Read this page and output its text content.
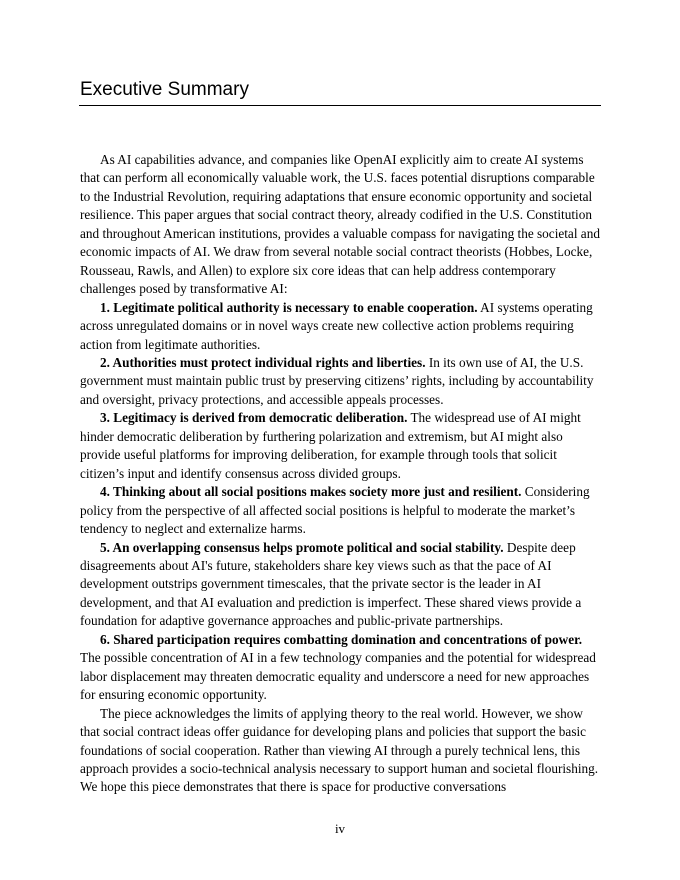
Executive Summary

As AI capabilities advance, and companies like OpenAI explicitly aim to create AI systems that can perform all economically valuable work, the U.S. faces potential disruptions comparable to the Industrial Revolution, requiring adaptations that ensure economic opportunity and societal resilience. This paper argues that social contract theory, already codified in the U.S. Constitution and throughout American institutions, provides a valuable compass for navigating the societal and economic impacts of AI. We draw from several notable social contract theorists (Hobbes, Locke, Rousseau, Rawls, and Allen) to explore six core ideas that can help address contemporary challenges posed by transformative AI:

1. Legitimate political authority is necessary to enable cooperation. AI systems operating across unregulated domains or in novel ways create new collective action problems requiring action from legitimate authorities.

2. Authorities must protect individual rights and liberties. In its own use of AI, the U.S. government must maintain public trust by preserving citizens’ rights, including by accountability and oversight, privacy protections, and accessible appeals processes.

3. Legitimacy is derived from democratic deliberation. The widespread use of AI might hinder democratic deliberation by furthering polarization and extremism, but AI might also provide useful platforms for improving deliberation, for example through tools that solicit citizen’s input and identify consensus across divided groups.

4. Thinking about all social positions makes society more just and resilient. Considering policy from the perspective of all affected social positions is helpful to moderate the market’s tendency to neglect and externalize harms.

5. An overlapping consensus helps promote political and social stability. Despite deep disagreements about AI's future, stakeholders share key views such as that the pace of AI development outstrips government timescales, that the private sector is the leader in AI development, and that AI evaluation and prediction is imperfect. These shared views provide a foundation for adaptive governance approaches and public-private partnerships.

6. Shared participation requires combatting domination and concentrations of power. The possible concentration of AI in a few technology companies and the potential for widespread labor displacement may threaten democratic equality and underscore a need for new approaches for ensuring economic opportunity.

The piece acknowledges the limits of applying theory to the real world. However, we show that social contract ideas offer guidance for developing plans and policies that support the basic foundations of social cooperation. Rather than viewing AI through a purely technical lens, this approach provides a socio-technical analysis necessary to support human and societal flourishing. We hope this piece demonstrates that there is space for productive conversations

iv
